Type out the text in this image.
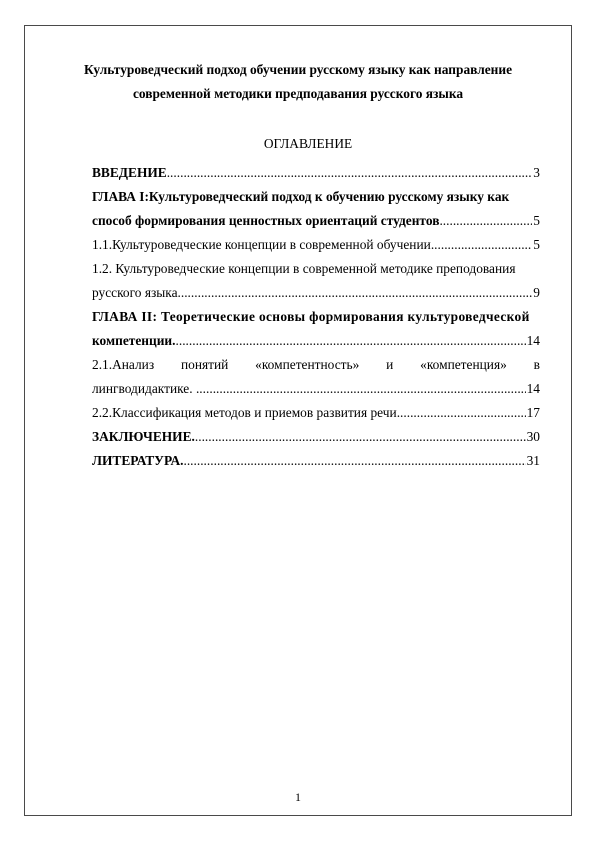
Культуроведческий подход обучении русскому языку как направление
современной методики предподавания русского языка
ОГЛАВЛЕНИЕ
ВВЕДЕНИЕ .....	3
ГЛАВА I:Культуроведческий подход к обучению русскому языку как
способ формирования ценностных ориентаций студентов .....	5
1.1.Культуроведческие концепции в современной обучении .....	5
1.2. Культуроведческие концепции в современной методике преподования
русского языка .....	9
ГЛАВА II: Теоретические основы формирования культуроведческой
компетенции. .....	14
2.1.Анализ понятий «компетентность» и «компетенция» в
лингводидактике. .....	14
2.2.Классификация методов и приемов развития речи .....	17
ЗАКЛЮЧЕНИЕ. .....	30
ЛИТЕРАТУРА. .....	31
1
